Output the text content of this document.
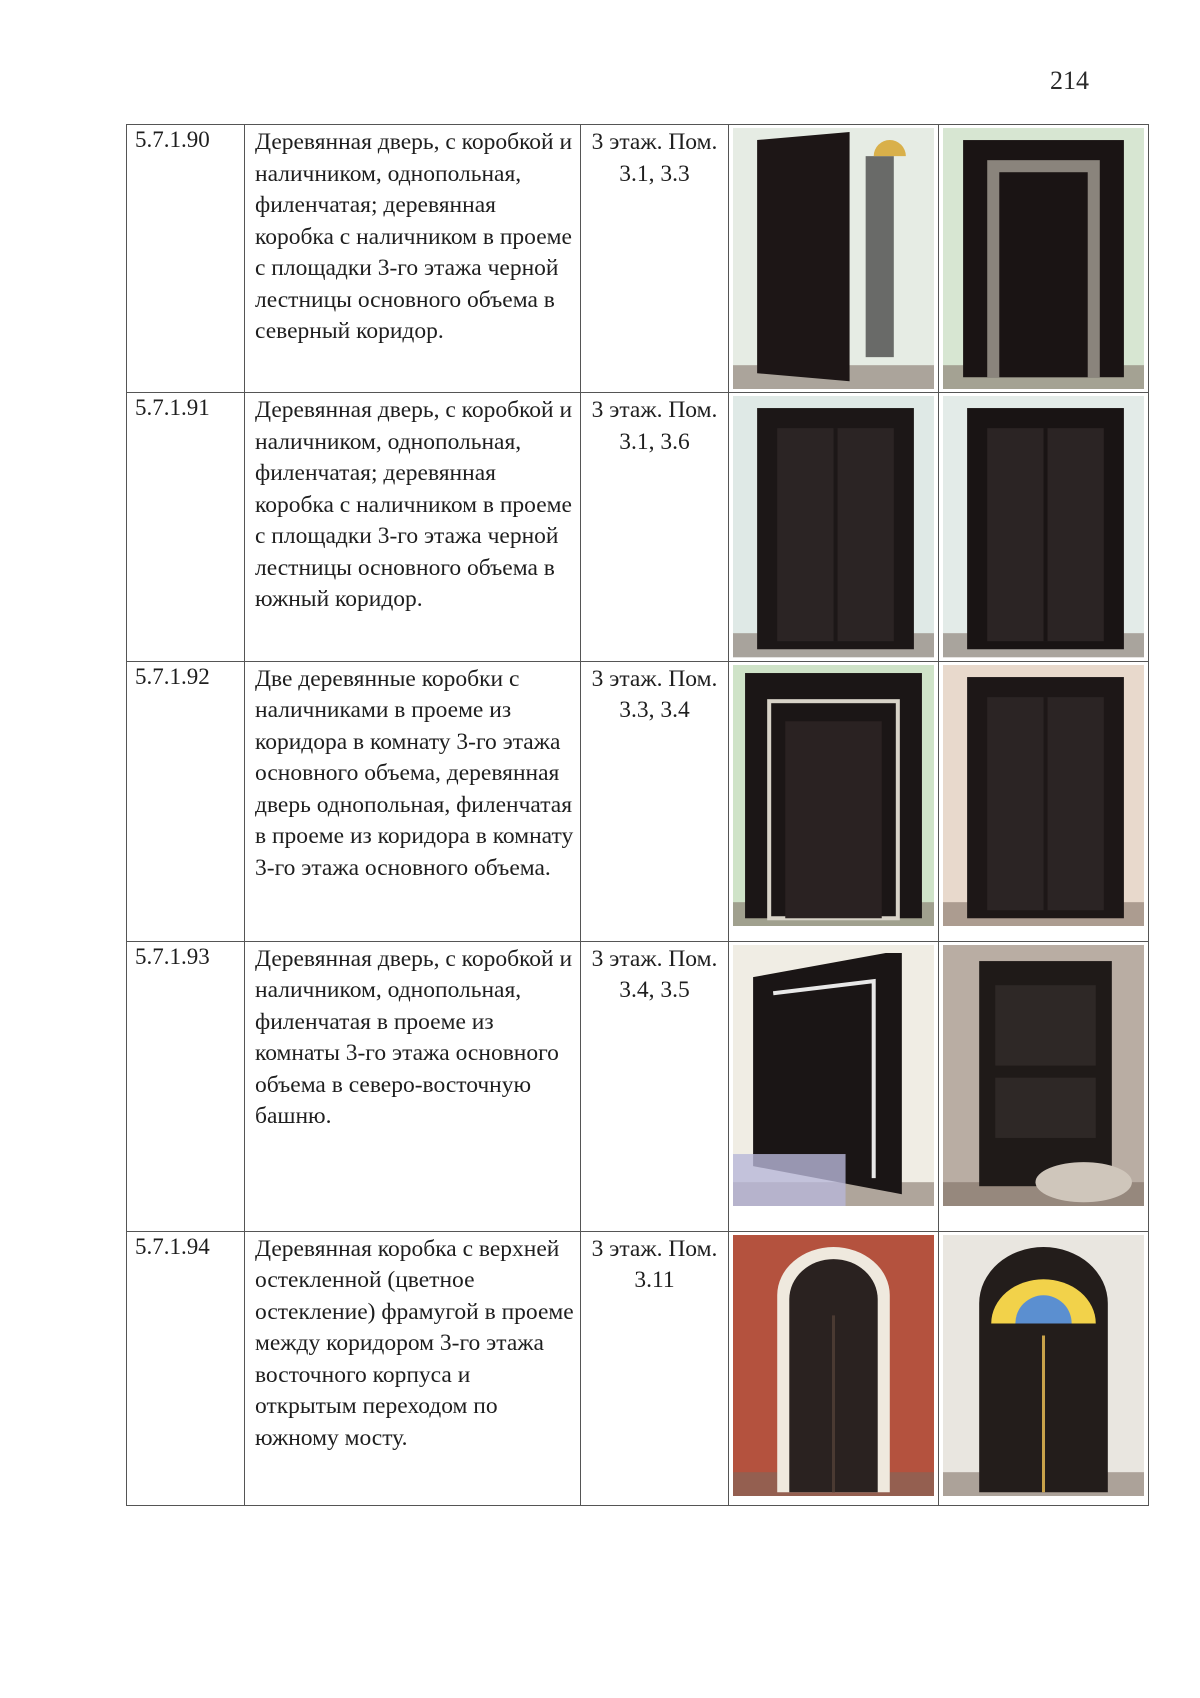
214
5.7.1.90	Деревянная дверь, с коробкой и наличником, однопольная, филенчатая; деревянная коробка с наличником в проеме с площадки 3-го этажа черной лестницы основного объема в северный коридор.	3 этаж. Пом. 3.1, 3.3	

5.7.1.91	Деревянная дверь, с коробкой и наличником, однопольная, филенчатая; деревянная коробка с наличником в проеме с площадки 3-го этажа черной лестницы основного объема в южный коридор.	3 этаж. Пом. 3.1, 3.6	

5.7.1.92	Две деревянные коробки с наличниками в проеме из коридора в комнату 3-го этажа основного объема, деревянная дверь однопольная, филенчатая в проеме из коридора в комнату 3-го этажа основного объема.	3 этаж. Пом. 3.3, 3.4	

5.7.1.93	Деревянная дверь, с коробкой и наличником, однопольная, филенчатая в проеме из комнаты 3-го этажа основного объема в северо-восточную башню.	3 этаж. Пом. 3.4, 3.5	

5.7.1.94	Деревянная коробка с верхней остекленной (цветное остекление) фрамугой в проеме между коридором 3-го этажа восточного корпуса и открытым переходом по южному мосту.	3 этаж. Пом. 3.11	
